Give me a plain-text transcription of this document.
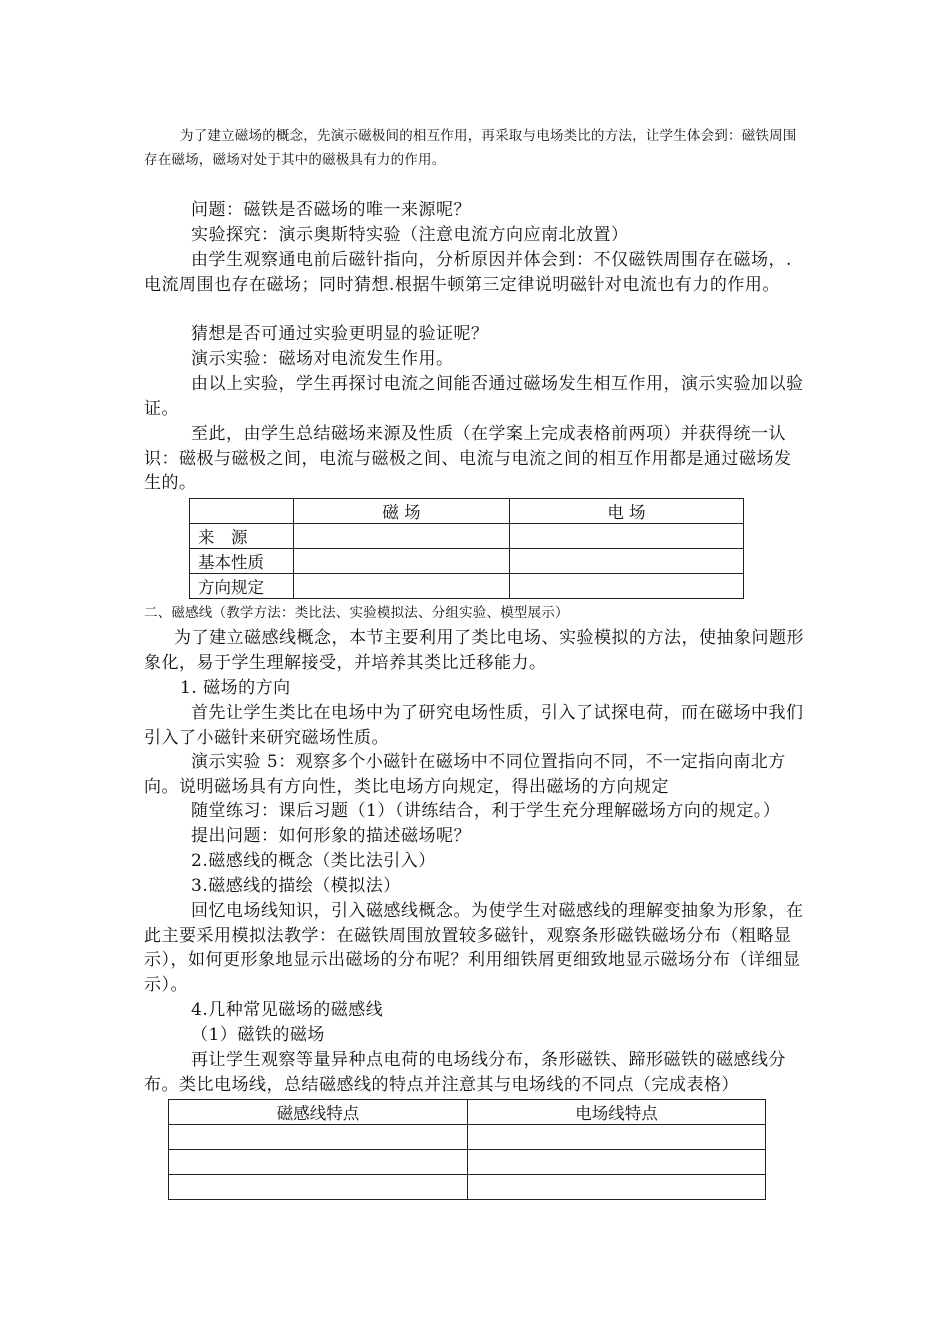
为了建立磁场的概念，先演示磁极间的相互作用，再采取与电场类比的方法，让学生体会到：磁铁周围存在磁场，磁场对处于其中的磁极具有力的作用。

问题：磁铁是否磁场的唯一来源呢？

实验探究：演示奥斯特实验（注意电流方向应南北放置）

由学生观察通电前后磁针指向，分析原因并体会到：不仅磁铁周围存在磁场，.电流周围也存在磁场；同时猜想.根据牛顿第三定律说明磁针对电流也有力的作用。

猜想是否可通过实验更明显的验证呢？

演示实验：磁场对电流发生作用。

由以上实验，学生再探讨电流之间能否通过磁场发生相互作用，演示实验加以验证。

至此，由学生总结磁场来源及性质（在学案上完成表格前两项）并获得统一认识：磁极与磁极之间，电流与磁极之间、电流与电流之间的相互作用都是通过磁场发生的。

	磁 场	电 场
来　源		
基本性质		
方向规定		

二、磁感线（教学方法：类比法、实验模拟法、分组实验、模型展示）

为了建立磁感线概念，本节主要利用了类比电场、实验模拟的方法，使抽象问题形象化，易于学生理解接受，并培养其类比迁移能力。

1. 磁场的方向

首先让学生类比在电场中为了研究电场性质，引入了试探电荷，而在磁场中我们引入了小磁针来研究磁场性质。

演示实验 5：观察多个小磁针在磁场中不同位置指向不同，不一定指向南北方向。说明磁场具有方向性，类比电场方向规定，得出磁场的方向规定

随堂练习：课后习题（1）（讲练结合，利于学生充分理解磁场方向的规定。）

提出问题：如何形象的描述磁场呢？

2.磁感线的概念（类比法引入）

3.磁感线的描绘（模拟法）

回忆电场线知识，引入磁感线概念。为使学生对磁感线的理解变抽象为形象，在此主要采用模拟法教学：在磁铁周围放置较多磁针，观察条形磁铁磁场分布（粗略显示），如何更形象地显示出磁场的分布呢？利用细铁屑更细致地显示磁场分布（详细显示）。

4.几种常见磁场的磁感线

（1）磁铁的磁场

再让学生观察等量异种点电荷的电场线分布，条形磁铁、蹄形磁铁的磁感线分布。类比电场线，总结磁感线的特点并注意其与电场线的不同点（完成表格）

磁感线特点	电场线特点
